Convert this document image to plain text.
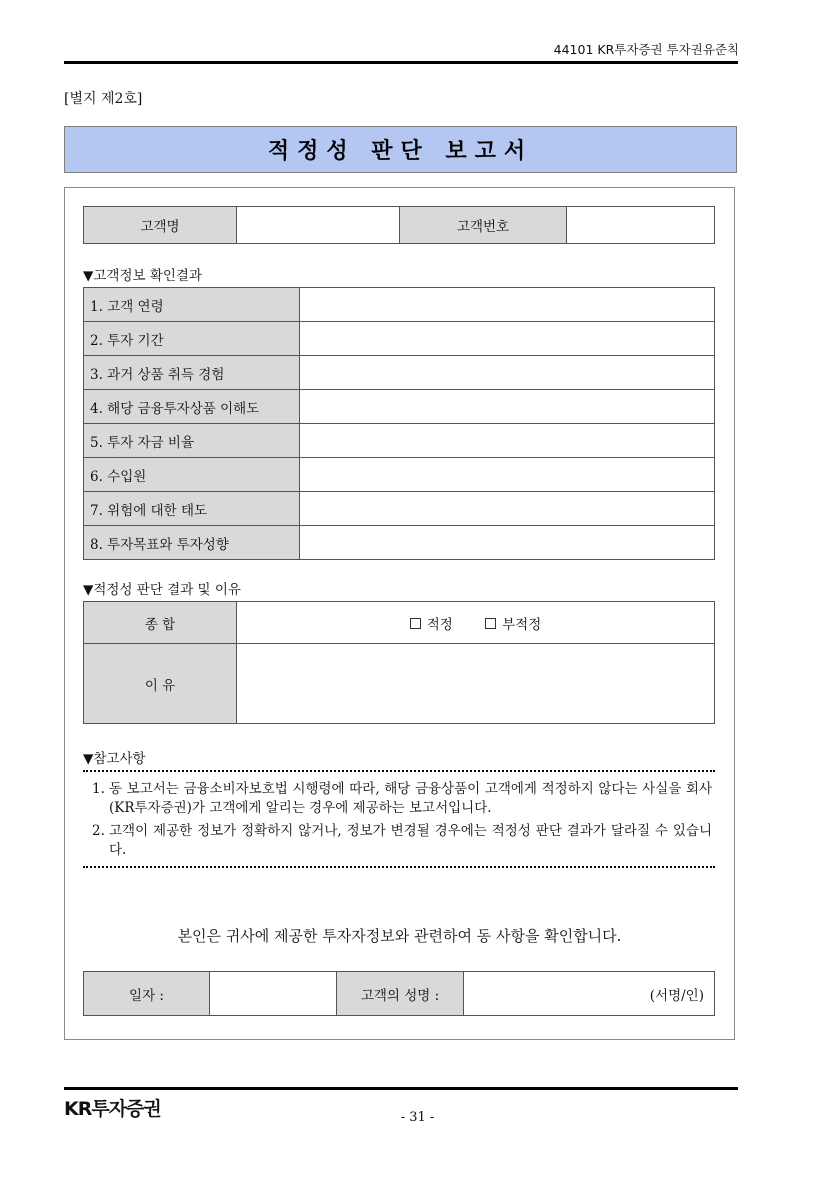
44101 KR투자증권 투자권유준칙
[별지 제2호]
적정성 판단 보고서
고객명		고객번호	
▼고객정보 확인결과
1. 고객 연령	
2. 투자 기간	
3. 과거 상품 취득 경험	
4. 해당 금융투자상품 이해도	
5. 투자 자금 비율	
6. 수입원	
7. 위험에 대한 태도	
8. 투자목표와 투자성향	
▼적정성 판단 결과 및 이유
종 합	적정 부적정
이 유	
▼참고사항
1. 동 보고서는 금융소비자보호법 시행령에 따라, 해당 금융상품이 고객에게 적정하지 않다는 사실을 회사(KR투자증권)가 고객에게 알리는 경우에 제공하는 보고서입니다.
2. 고객이 제공한 정보가 정확하지 않거나, 정보가 변경될 경우에는 적정성 판단 결과가 달라질 수 있습니다.
본인은 귀사에 제공한 투자자정보와 관련하여 동 사항을 확인합니다.
일자 :		고객의 성명 :	(서명/인)
KR투자증권	- 31 -
